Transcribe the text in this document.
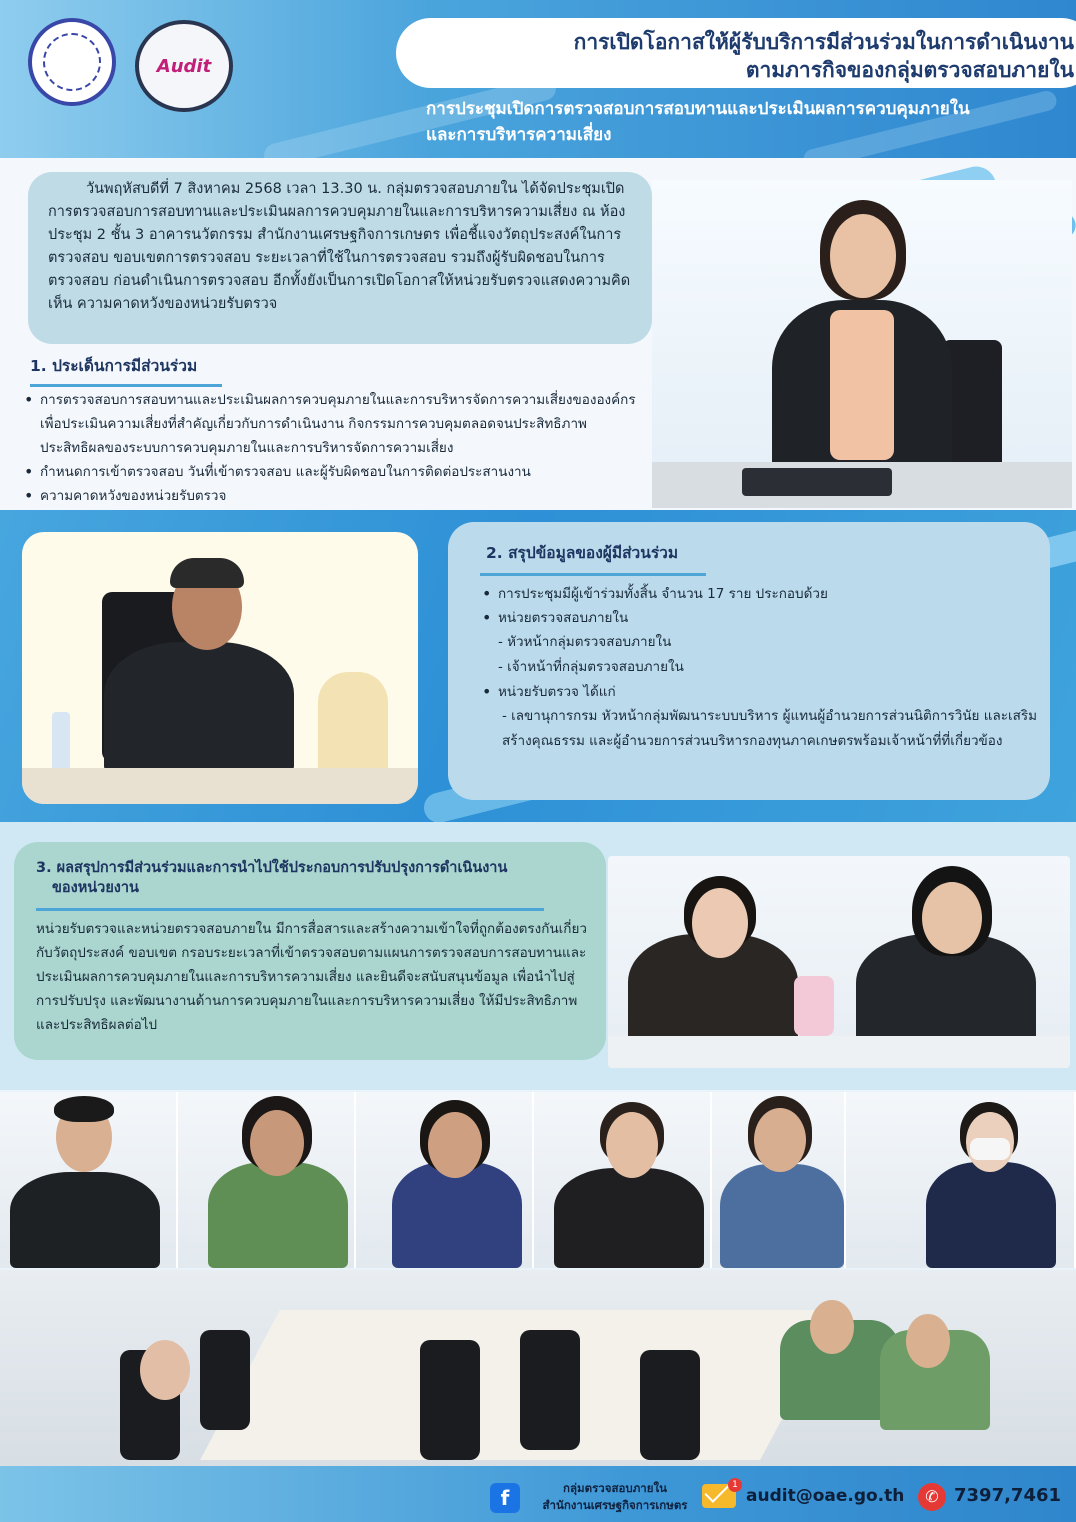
Audit
การเปิดโอกาสให้ผู้รับบริการมีส่วนร่วมในการดำเนินงาน
ตามภารกิจของกลุ่มตรวจสอบภายใน
การประชุมเปิดการตรวจสอบการสอบทานและประเมินผลการควบคุมภายใน
และการบริหารความเสี่ยง

วันพฤหัสบดีที่ 7 สิงหาคม 2568 เวลา 13.30 น. กลุ่มตรวจสอบภายใน ได้จัดประชุมเปิดการตรวจสอบการสอบทานและประเมินผลการควบคุมภายในและการบริหารความเสี่ยง ณ ห้องประชุม 2 ชั้น 3 อาคารนวัตกรรม สำนักงานเศรษฐกิจการเกษตร เพื่อชี้แจงวัตถุประสงค์ในการตรวจสอบ ขอบเขตการตรวจสอบ ระยะเวลาที่ใช้ในการตรวจสอบ รวมถึงผู้รับผิดชอบในการตรวจสอบ ก่อนดำเนินการตรวจสอบ อีกทั้งยังเป็นการเปิดโอกาสให้หน่วยรับตรวจแสดงความคิดเห็น ความคาดหวังของหน่วยรับตรวจ

1. ประเด็นการมีส่วนร่วม
• การตรวจสอบการสอบทานและประเมินผลการควบคุมภายในและการบริหารจัดการความเสี่ยงขององค์กร เพื่อประเมินความเสี่ยงที่สำคัญเกี่ยวกับการดำเนินงาน กิจกรรมการควบคุมตลอดจนประสิทธิภาพ ประสิทธิผลของระบบการควบคุมภายในและการบริหารจัดการความเสี่ยง
• กำหนดการเข้าตรวจสอบ วันที่เข้าตรวจสอบ และผู้รับผิดชอบในการติดต่อประสานงาน
• ความคาดหวังของหน่วยรับตรวจ
2. สรุปข้อมูลของผู้มีส่วนร่วม
• การประชุมมีผู้เข้าร่วมทั้งสิ้น จำนวน 17 ราย ประกอบด้วย
• หน่วยตรวจสอบภายใน
- หัวหน้ากลุ่มตรวจสอบภายใน
- เจ้าหน้าที่กลุ่มตรวจสอบภายใน
• หน่วยรับตรวจ ได้แก่
- เลขานุการกรม หัวหน้ากลุ่มพัฒนาระบบบริหาร ผู้แทนผู้อำนวยการส่วนนิติการวินัย และเสริมสร้างคุณธรรม และผู้อำนวยการส่วนบริหารกองทุนภาคเกษตรพร้อมเจ้าหน้าที่ที่เกี่ยวข้อง
3. ผลสรุปการมีส่วนร่วมและการนำไปใช้ประกอบการปรับปรุงการดำเนินงาน
ของหน่วยงาน

หน่วยรับตรวจและหน่วยตรวจสอบภายใน มีการสื่อสารและสร้างความเข้าใจที่ถูกต้องตรงกันเกี่ยวกับวัตถุประสงค์ ขอบเขต กรอบระยะเวลาที่เข้าตรวจสอบตามแผนการตรวจสอบการสอบทานและประเมินผลการควบคุมภายในและการบริหารความเสี่ยง และยินดีจะสนับสนุนข้อมูล เพื่อนำไปสู่การปรับปรุง และพัฒนางานด้านการควบคุมภายในและการบริหารความเสี่ยง ให้มีประสิทธิภาพ และประสิทธิผลต่อไป

f	กลุ่มตรวจสอบภายใน
สำนักงานเศรษฐกิจการเกษตร
1
audit@oae.go.th	✆ 7397,7461
